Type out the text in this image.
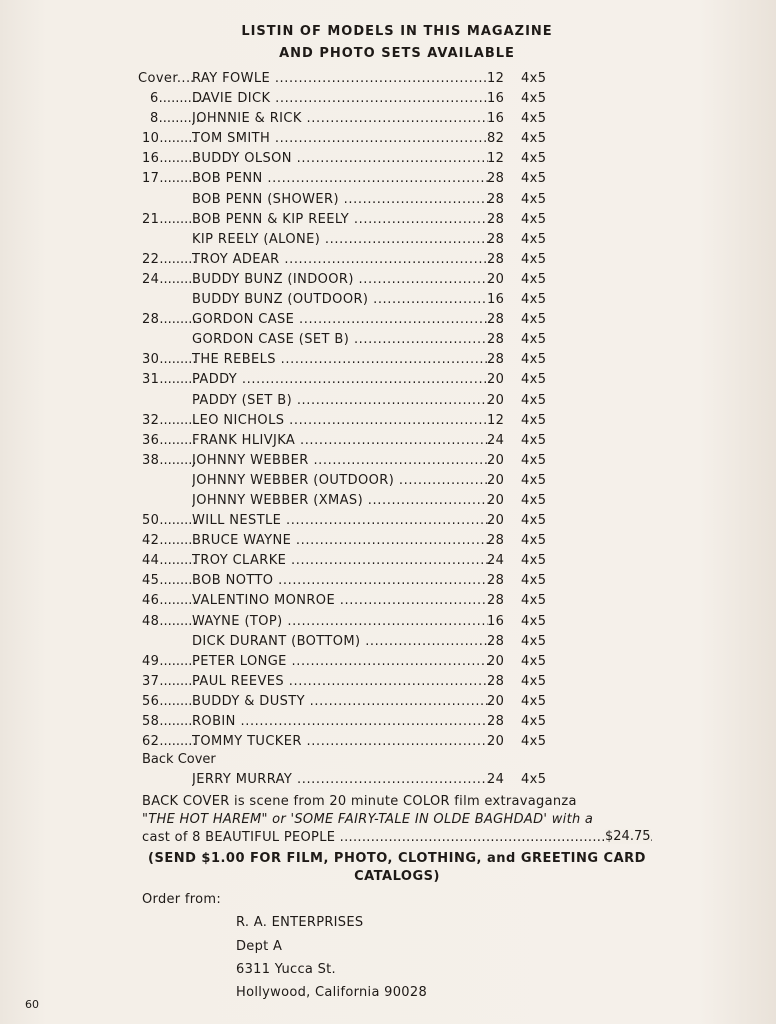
LISTIN OF MODELS IN THIS MAGAZINE
AND PHOTO SETS AVAILABLE
Cover.. ..... RAY FOWLE .....	12	4x5
6 .....	DAVIE DICK .....	16	4x5
8 .....	JOHNNIE & RICK .....	16	4x5
10 .....	TOM SMITH .....	82	4x5
16 .....	BUDDY OLSON .....	12	4x5
17 .....	BOB PENN .....	28	4x5
BOB PENN (SHOWER) .....	28	4x5
21 .....	BOB PENN & KIP REELY .....	28	4x5
KIP REELY (ALONE) .....	28	4x5
22 .....	TROY ADEAR .....	28	4x5
24 .....	BUDDY BUNZ (INDOOR) .....	20	4x5
BUDDY BUNZ (OUTDOOR) .....	16	4x5
28 .....	GORDON CASE .....	28	4x5
GORDON CASE (SET B) .....	28	4x5
30 .....	THE REBELS .....	28	4x5
31 .....	PADDY .....	20	4x5
PADDY (SET B) .....	20	4x5
32 .....	LEO NICHOLS .....	12	4x5
36 .....	FRANK HLIVJKA .....	24	4x5
38 .....	JOHNNY WEBBER .....	20	4x5
JOHNNY WEBBER (OUTDOOR) .....	20	4x5
JOHNNY WEBBER (XMAS) .....	20	4x5
50 .....	WILL NESTLE .....	20	4x5
42 .....	BRUCE WAYNE .....	28	4x5
44 .....	TROY CLARKE .....	24	4x5
45 .....	BOB NOTTO .....	28	4x5
46 .....	VALENTINO MONROE .....	28	4x5
48 .....	WAYNE (TOP) .....	16	4x5
DICK DURANT (BOTTOM) .....	28	4x5
49 .....	PETER LONGE .....	20	4x5
37 .....	PAUL REEVES .....	28	4x5
56 .....	BUDDY & DUSTY .....	20	4x5
58 .....	ROBIN .....	28	4x5
62 .....	TOMMY TUCKER .....	20	4x5
Back Cover
JERRY MURRAY .....	24	4x5
BACK COVER is scene from 20 minute COLOR film extravaganza
"THE HOT HAREM" or 'SOME FAIRY-TALE IN OLDE BAGHDAD' with a
cast of 8 BEAUTIFUL PEOPLE .....	$24.75
(SEND $1.00 FOR FILM, PHOTO, CLOTHING, and GREETING CARD
CATALOGS)
Order from:
R. A. ENTERPRISES
Dept A
6311 Yucca St.
Hollywood, California 90028
60
